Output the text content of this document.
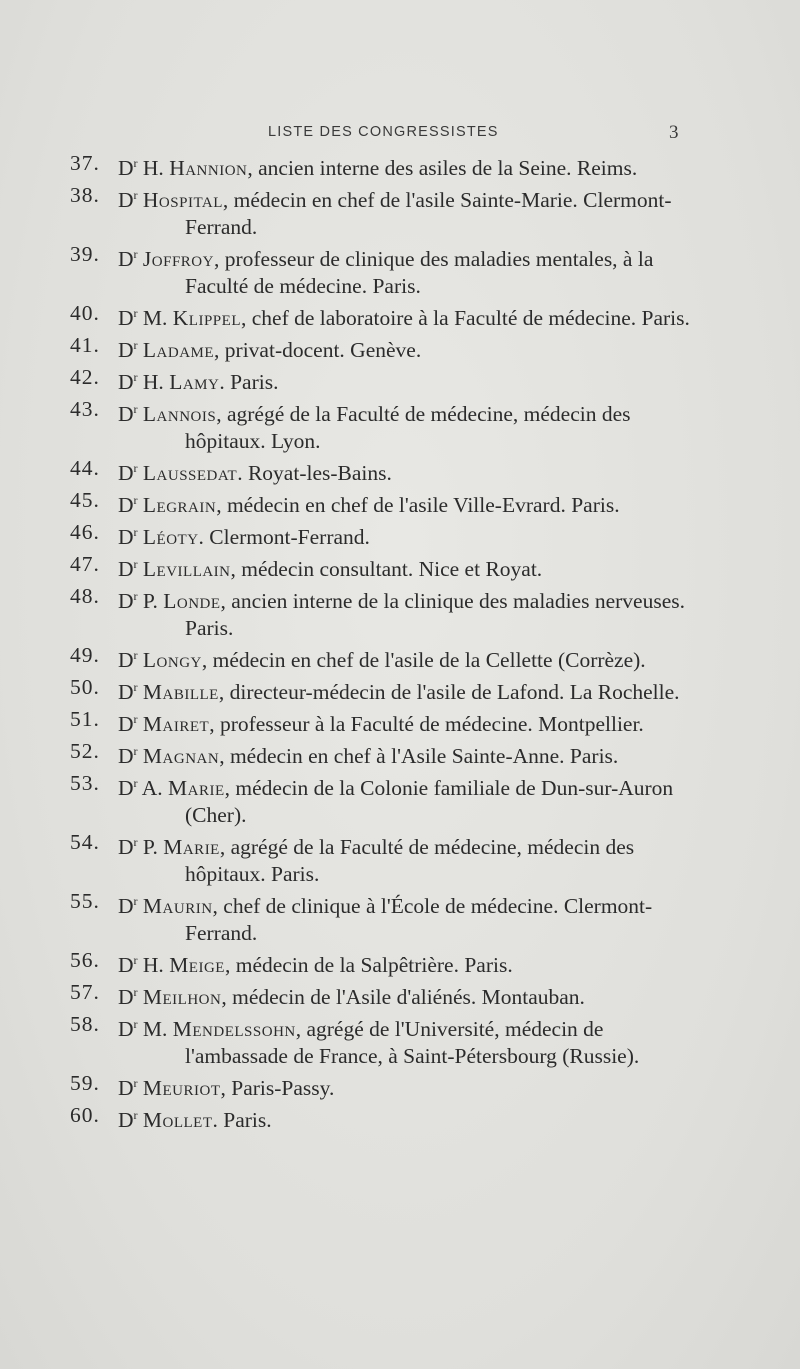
LISTE DES CONGRESSISTES	3
37. $D^r$ H. Hannion, ancien interne des asiles de la Seine. Reims.
38. $D^r$ Hospital, médecin en chef de l'asile Sainte-Marie. Clermont-Ferrand.
39. $D^r$ Joffroy, professeur de clinique des maladies mentales, à la Faculté de médecine. Paris.
40. $D^r$ M. Klippel, chef de laboratoire à la Faculté de médecine. Paris.
41. $D^r$ Ladame, privat-docent. Genève.
42. $D^r$ H. Lamy. Paris.
43. $D^r$ Lannois, agrégé de la Faculté de médecine, médecin des hôpitaux. Lyon.
44. $D^r$ Laussedat. Royat-les-Bains.
45. $D^r$ Legrain, médecin en chef de l'asile Ville-Evrard. Paris.
46. $D^r$ Léoty. Clermont-Ferrand.
47. $D^r$ Levillain, médecin consultant. Nice et Royat.
48. $D^r$ P. Londe, ancien interne de la clinique des maladies nerveuses. Paris.
49. $D^r$ Longy, médecin en chef de l'asile de la Cellette (Corrèze).
50. $D^r$ Mabille, directeur-médecin de l'asile de Lafond. La Rochelle.
51. $D^r$ Mairet, professeur à la Faculté de médecine. Montpellier.
52. $D^r$ Magnan, médecin en chef à l'Asile Sainte-Anne. Paris.
53. $D^r$ A. Marie, médecin de la Colonie familiale de Dun-sur-Auron (Cher).
54. $D^r$ P. Marie, agrégé de la Faculté de médecine, médecin des hôpitaux. Paris.
55. $D^r$ Maurin, chef de clinique à l'École de médecine. Clermont-Ferrand.
56. $D^r$ H. Meige, médecin de la Salpêtrière. Paris.
57. $D^r$ Meilhon, médecin de l'Asile d'aliénés. Montauban.
58. $D^r$ M. Mendelssohn, agrégé de l'Université, médecin de l'ambassade de France, à Saint-Pétersbourg (Russie).
59. $D^r$ Meuriot, Paris-Passy.
60. $D^r$ Mollet. Paris.
